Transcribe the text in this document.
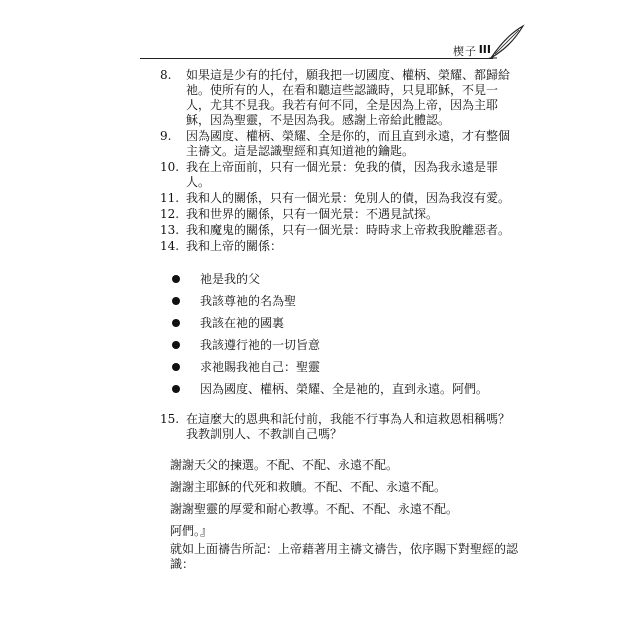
楔子 III
8.	如果這是少有的托付，願我把一切國度、權柄、榮耀、都歸給祂。使所有的人，在看和聽這些認識時，只見耶穌，不見一人，尤其不見我。我若有何不同，全是因為上帝，因為主耶穌，因為聖靈，不是因為我。感謝上帝給此體認。
9.	因為國度、權柄、榮耀、全是你的，而且直到永遠，才有整個主禱文。這是認識聖經和真知道祂的鑰匙。
10. 我在上帝面前，只有一個光景：免我的債，因為我永遠是罪人。
11. 我和人的關係，只有一個光景：免別人的債，因為我沒有愛。
12. 我和世界的關係，只有一個光景：不遇見試探。
13. 我和魔鬼的關係，只有一個光景：時時求上帝救我脫離惡者。
14. 我和上帝的關係：
祂是我的父
我該尊祂的名為聖
我該在祂的國裏
我該遵行祂的一切旨意
求祂賜我祂自己：聖靈
因為國度、權柄、榮耀、全是祂的，直到永遠。阿們。
15. 在這麼大的恩典和託付前，我能不行事為人和這救恩相稱嗎？我教訓別人、不教訓自己嗎？
謝謝天父的揀選。不配、不配、永遠不配。
謝謝主耶穌的代死和救贖。不配、不配、永遠不配。
謝謝聖靈的厚愛和耐心教導。不配、不配、永遠不配。
阿們。』
就如上面禱告所記：上帝藉著用主禱文禱告，依序賜下對聖經的認識：
